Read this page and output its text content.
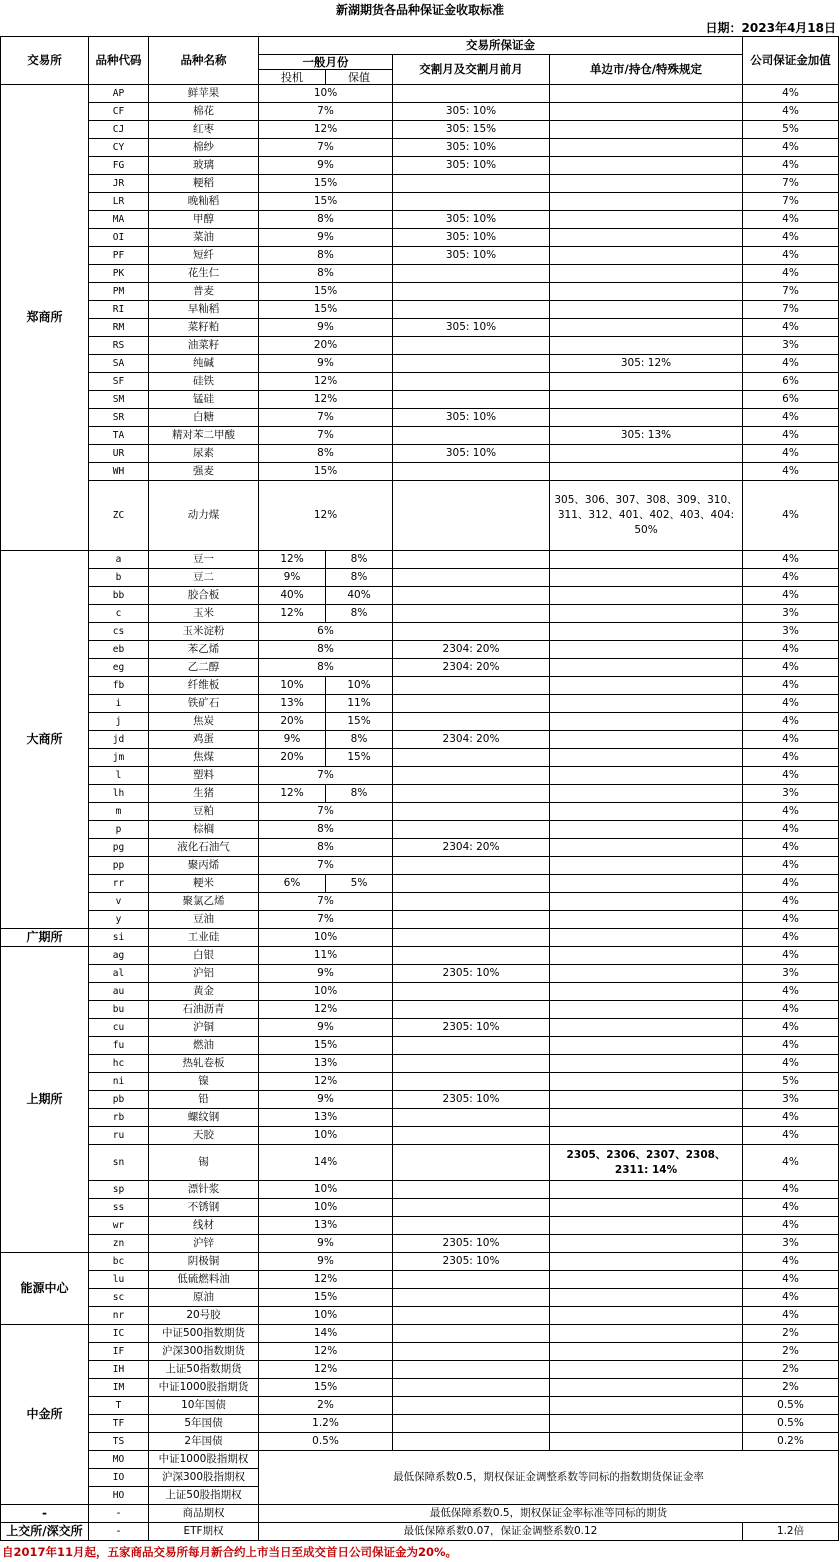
新湖期货各品种保证金收取标准
日期：2023年4月18日
交易所	品种代码	品种名称	交易所保证金				公司保证金加值
			一般月份		交割月及交割月前月	单边市/持仓/特殊规定	
			投机	保值			
郑商所	AP	鲜苹果	10%				4%
	CF	棉花	7%		305: 10%		4%
	CJ	红枣	12%		305: 15%		5%
	CY	棉纱	7%		305: 10%		4%
	FG	玻璃	9%		305: 10%		4%
	JR	粳稻	15%				7%
	LR	晚籼稻	15%				7%
	MA	甲醇	8%		305: 10%		4%
	OI	菜油	9%		305: 10%		4%
	PF	短纤	8%		305: 10%		4%
	PK	花生仁	8%				4%
	PM	普麦	15%				7%
	RI	早籼稻	15%				7%
	RM	菜籽粕	9%		305: 10%		4%
	RS	油菜籽	20%				3%
	SA	纯碱	9%			305: 12%	4%
	SF	硅铁	12%				6%
	SM	锰硅	12%				6%
	SR	白糖	7%		305: 10%		4%
	TA	精对苯二甲酸	7%			305: 13%	4%
	UR	尿素	8%		305: 10%		4%
	WH	强麦	15%				4%
	ZC	动力煤	12%			305、306、307、308、309、310、311、312、401、402、403、404: 50%	4%
大商所	a	豆一	12%	8%			4%
	b	豆二	9%	8%			4%
	bb	胶合板	40%	40%			4%
	c	玉米	12%	8%			3%
	cs	玉米淀粉	6%				3%
	eb	苯乙烯	8%		2304: 20%		4%
	eg	乙二醇	8%		2304: 20%		4%
	fb	纤维板	10%	10%			4%
	i	铁矿石	13%	11%			4%
	j	焦炭	20%	15%			4%
	jd	鸡蛋	9%	8%	2304: 20%		4%
	jm	焦煤	20%	15%			4%
	l	塑料	7%				4%
	lh	生猪	12%	8%			3%
	m	豆粕	7%				4%
	p	棕榈	8%				4%
	pg	液化石油气	8%		2304: 20%		4%
	pp	聚丙烯	7%				4%
	rr	粳米	6%	5%			4%
	v	聚氯乙烯	7%				4%
	y	豆油	7%				4%
广期所	si	工业硅	10%				4%
上期所	ag	白银	11%				4%
	al	沪铝	9%		2305: 10%		3%
	au	黄金	10%				4%
	bu	石油沥青	12%				4%
	cu	沪铜	9%		2305: 10%		4%
	fu	燃油	15%				4%
	hc	热轧卷板	13%				4%
	ni	镍	12%				5%
	pb	铅	9%		2305: 10%		3%
	rb	螺纹钢	13%				4%
	ru	天胶	10%				4%
	sn	锡	14%			2305、2306、2307、2308、2311: 14%	4%
	sp	漂针浆	10%				4%
	ss	不锈钢	10%				4%
	wr	线材	13%				4%
	zn	沪锌	9%		2305: 10%		3%
能源中心	bc	阴极铜	9%		2305: 10%		4%
	lu	低硫燃料油	12%				4%
	sc	原油	15%				4%
	nr	20号胶	10%				4%
中金所	IC	中证500指数期货	14%				2%
	IF	沪深300指数期货	12%				2%
	IH	上证50指数期货	12%				2%
	IM	中证1000股指期货	15%				2%
	T	10年国债	2%				0.5%
	TF	5年国债	1.2%				0.5%
	TS	2年国债	0.5%				0.2%
	MO	中证1000股指期权	最低保障系数0.5，期权保证金调整系数等同标的指数期货保证金率				
	IO	沪深300股指期权					
	HO	上证50股指期权					
-	-	商品期权	最低保障系数0.5，期权保证金率标准等同标的期货				
上交所/深交所	-	ETF期权	最低保障系数0.07，保证金调整系数0.12				1.2倍
自2017年11月起，五家商品交易所每月新合约上市当日至成交首日公司保证金为20%。
